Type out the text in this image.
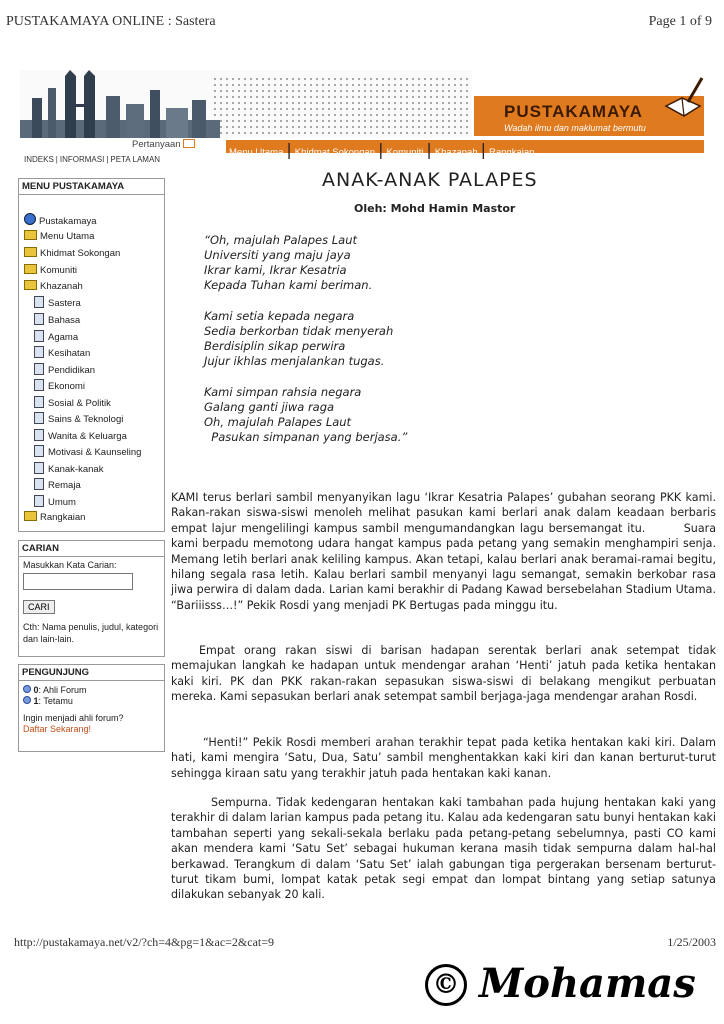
PUSTAKAMAYA ONLINE : Sastera	Page 1 of 9
PUSTAKAMAYA
Wadah ilmu dan maklumat bermutu
Pertanyaan
Menu Utama | Khidmat Sokongan | Komuniti | Khazanah | Rangkaian
INDEKS | INFORMASI | PETA LAMAN
MENU PUSTAKAMAYA
Pustakamaya
Menu Utama
Khidmat Sokongan
Komuniti
Khazanah
Sastera
Bahasa
Agama
Kesihatan
Pendidikan
Ekonomi
Sosial & Politik
Sains & Teknologi
Wanita & Keluarga
Motivasi & Kaunseling
Kanak-kanak
Remaja
Umum
Rangkaian
CARIAN
Masukkan Kata Carian:
CARI
Cth: Nama penulis, judul, kategori dan lain-lain.
PENGUNJUNG
0: Ahli Forum
1: Tetamu
Ingin menjadi ahli forum?
Daftar Sekarang!
ANAK-ANAK PALAPES
Oleh: Mohd Hamin Mastor
“Oh, majulah Palapes Laut
Universiti yang maju jaya
Ikrar kami, Ikrar Kesatria
Kepada Tuhan kami beriman.
Kami setia kepada negara
Sedia berkorban tidak menyerah
Berdisiplin sikap perwira
Jujur ikhlas menjalankan tugas.
Kami simpan rahsia negara
Galang ganti jiwa raga
Oh, majulah Palapes Laut
Pasukan simpanan yang berjasa.”
KAMI terus berlari sambil menyanyikan lagu ‘Ikrar Kesatria Palapes’ gubahan seorang PKK kami. Rakan-rakan siswa-siswi menoleh melihat pasukan kami berlari anak dalam keadaan berbaris empat lajur mengelilingi kampus sambil mengumandangkan lagu bersemangat itu.        Suara kami berpadu memotong udara hangat kampus pada petang yang semakin menghampiri senja. Memang letih berlari anak keliling kampus. Akan tetapi, kalau berlari anak beramai-ramai begitu, hilang segala rasa letih. Kalau berlari sambil menyanyi lagu semangat, semakin berkobar rasa jiwa perwira di dalam dada. Larian kami berakhir di Padang Kawad bersebelahan Stadium Utama. “Bariiisss…!” Pekik Rosdi yang menjadi PK Bertugas pada minggu itu.
Empat orang rakan siswi di barisan hadapan serentak berlari anak setempat tidak memajukan langkah ke hadapan untuk mendengar arahan ‘Henti’ jatuh pada ketika hentakan kaki kiri. PK dan PKK rakan-rakan sepasukan siswa-siswi di belakang mengikut perbuatan mereka. Kami sepasukan berlari anak setempat sambil berjaga-jaga mendengar arahan Rosdi.
“Henti!” Pekik Rosdi memberi arahan terakhir tepat pada ketika hentakan kaki kiri. Dalam hati, kami mengira ‘Satu, Dua, Satu’ sambil menghentakkan kaki kiri dan kanan berturut-turut sehingga kiraan satu yang terakhir jatuh pada hentakan kaki kanan.
Sempurna. Tidak kedengaran hentakan kaki tambahan pada hujung hentakan kaki yang terakhir di dalam larian kampus pada petang itu. Kalau ada kedengaran satu bunyi hentakan kaki tambahan seperti yang sekali-sekala berlaku pada petang-petang sebelumnya, pasti CO kami akan mendera kami ‘Satu Set’ sebagai hukuman kerana masih tidak sempurna dalam hal-hal berkawad. Terangkum di dalam ‘Satu Set’ ialah gabungan tiga pergerakan bersenam berturut-turut tikam bumi, lompat katak petak segi empat dan lompat bintang yang setiap satunya dilakukan sebanyak 20 kali.
http://pustakamaya.net/v2/?ch=4&pg=1&ac=2&cat=9	1/25/2003
© Mohamas
